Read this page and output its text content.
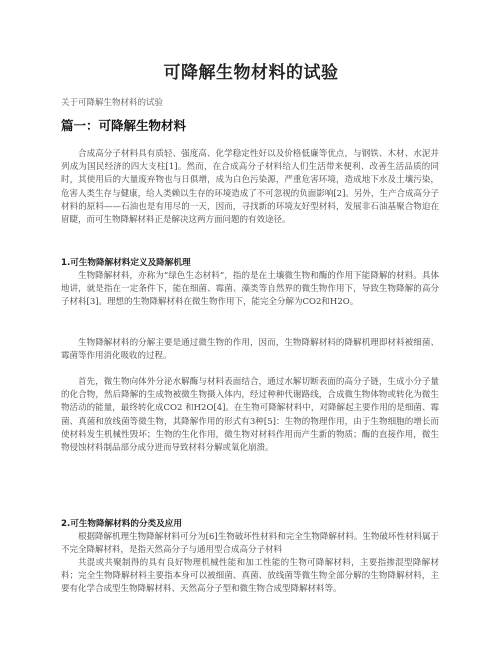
可降解生物材料的试验
关于可降解生物材料的试验
篇一：可降解生物材料

合成高分子材料具有质轻、强度高、化学稳定性好以及价格低廉等优点，与钢铁、木材、水泥并列成为国民经济的四大支柱[1]。然而，在合成高分子材料给人们生活带来便利、改善生活品质的同时，其使用后的大量废弃物也与日俱增，成为白色污染源，严重危害环境，造成地下水及土壤污染，危害人类生存与健康，给人类赖以生存的环境造成了不可忽视的负面影响[2]。另外，生产合成高分子材料的原料——石油也是有用尽的一天，因而，寻找新的环境友好型材料，发展非石油基聚合物迫在眉睫，而可生物降解材料正是解决这两方面问题的有效途径。

1.可生物降解材料定义及降解机理

生物降解材料，亦称为“绿色生态材料”，指的是在土壤微生物和酶的作用下能降解的材料。具体地讲，就是指在一定条件下，能在细菌、霉菌、藻类等自然界的微生物作用下，导致生物降解的高分子材料[3]。理想的生物降解材料在微生物作用下，能完全分解为CO2和H2O。

生物降解材料的分解主要是通过微生物的作用，因而，生物降解材料的降解机理即材料被细菌、霉菌等作用消化吸收的过程。

首先，微生物向体外分泌水解酶与材料表面结合，通过水解切断表面的高分子链，生成小分子量的化合物，然后降解的生成物被微生物摄入体内，经过种种代谢路线，合成微生物体物或转化为微生物活动的能量，最终转化成CO2 和H2O[4]。在生物可降解材料中，对降解起主要作用的是细菌、霉菌、真菌和放线菌等微生物，其降解作用的形式有3种[5]：生物的物理作用，由于生物细胞的增长而使材料发生机械性毁坏；生物的生化作用，微生物对材料作用而产生新的物质；酶的直接作用，微生物侵蚀材料制品部分成分进而导致材料分解或氧化崩溃。

2.可生物降解材料的分类及应用

根据降解机理生物降解材料可分为[6]生物破坏性材料和完全生物降解材料。生物破坏性材料属于不完全降解材料，是指天然高分子与通用型合成高分子材料

共混或共聚制得的具有良好物理机械性能和加工性能的生物可降解材料，主要指掺混型降解材料；完全生物降解材料主要指本身可以被细菌、真菌、放线菌等微生物全部分解的生物降解材料，主要有化学合成型生物降解材料、天然高分子型和微生物合成型降解材料等。
